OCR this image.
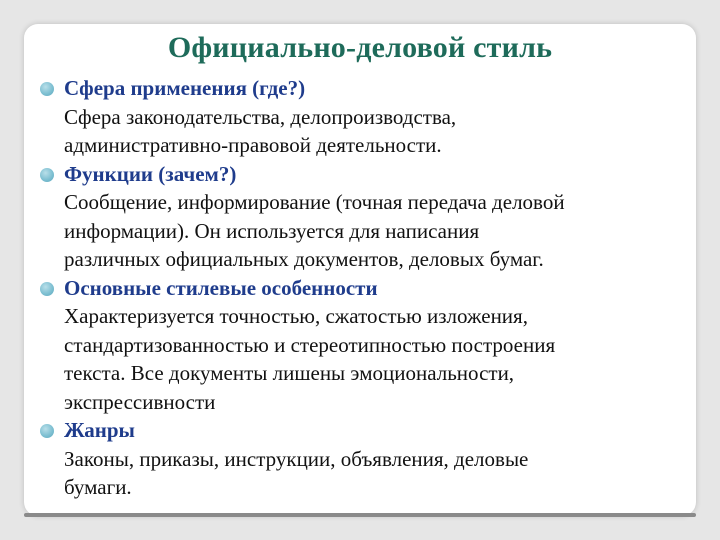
Официально-деловой стиль
Сфера применения (где?)
Сфера законодательства, делопроизводства,
административно-правовой деятельности.
Функции (зачем?)
Сообщение, информирование (точная передача деловой
информации). Он используется для написания
различных официальных документов, деловых бумаг.
Основные стилевые особенности
Характеризуется точностью, сжатостью изложения,
стандартизованностью и стереотипностью построения
текста. Все документы лишены эмоциональности,
экспрессивности
Жанры
Законы, приказы, инструкции, объявления, деловые
бумаги.
